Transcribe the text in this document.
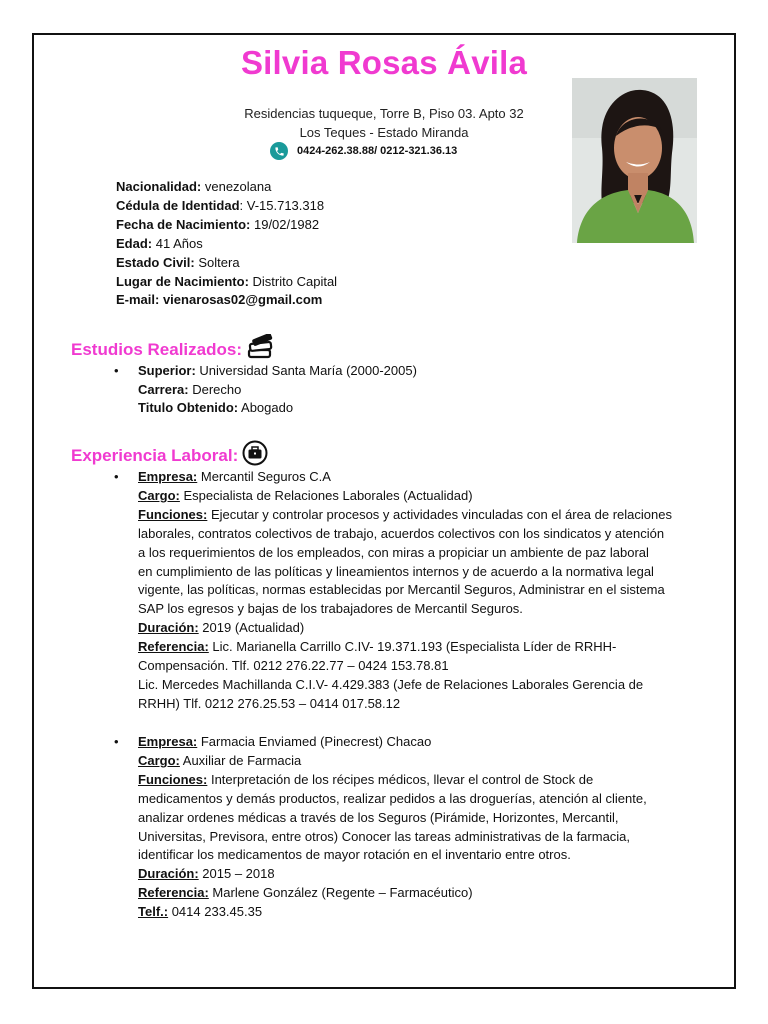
Silvia Rosas Ávila
Residencias tuqueque, Torre B, Piso 03. Apto 32
Los Teques - Estado Miranda
0424-262.38.88/ 0212-321.36.13
Nacionalidad: venezolana
Cédula de Identidad: V-15.713.318
Fecha de Nacimiento: 19/02/1982
Edad: 41 Años
Estado Civil: Soltera
Lugar de Nacimiento: Distrito Capital
E-mail: vienarosas02@gmail.com
Estudios Realizados:
• Superior: Universidad Santa María (2000-2005)
Carrera: Derecho
Titulo Obtenido: Abogado
Experiencia Laboral:
• Empresa: Mercantil Seguros C.A
Cargo: Especialista de Relaciones Laborales (Actualidad)
Funciones: Ejecutar y controlar procesos y actividades vinculadas con el área de relaciones
laborales, contratos colectivos de trabajo, acuerdos colectivos con los sindicatos y atención
a los requerimientos de los empleados, con miras a propiciar un ambiente de paz laboral
en cumplimiento de las políticas y lineamientos internos y de acuerdo a la normativa legal
vigente, las políticas, normas establecidas por Mercantil Seguros, Administrar en el sistema
SAP los egresos y bajas de los trabajadores de Mercantil Seguros.
Duración: 2019 (Actualidad)
Referencia: Lic. Marianella Carrillo C.IV- 19.371.193 (Especialista Líder de RRHH-
Compensación. Tlf. 0212 276.22.77 – 0424 153.78.81
Lic. Mercedes Machillanda C.I.V- 4.429.383 (Jefe de Relaciones Laborales Gerencia de
RRHH) Tlf. 0212 276.25.53 – 0414 017.58.12
• Empresa: Farmacia Enviamed (Pinecrest) Chacao
Cargo: Auxiliar de Farmacia
Funciones: Interpretación de los récipes médicos, llevar el control de Stock de
medicamentos y demás productos, realizar pedidos a las droguerías, atención al cliente,
analizar ordenes médicas a través de los Seguros (Pirámide, Horizontes, Mercantil,
Universitas, Previsora, entre otros) Conocer las tareas administrativas de la farmacia,
identificar los medicamentos de mayor rotación en el inventario entre otros.
Duración: 2015 – 2018
Referencia: Marlene González (Regente – Farmacéutico)
Telf.: 0414 233.45.35
